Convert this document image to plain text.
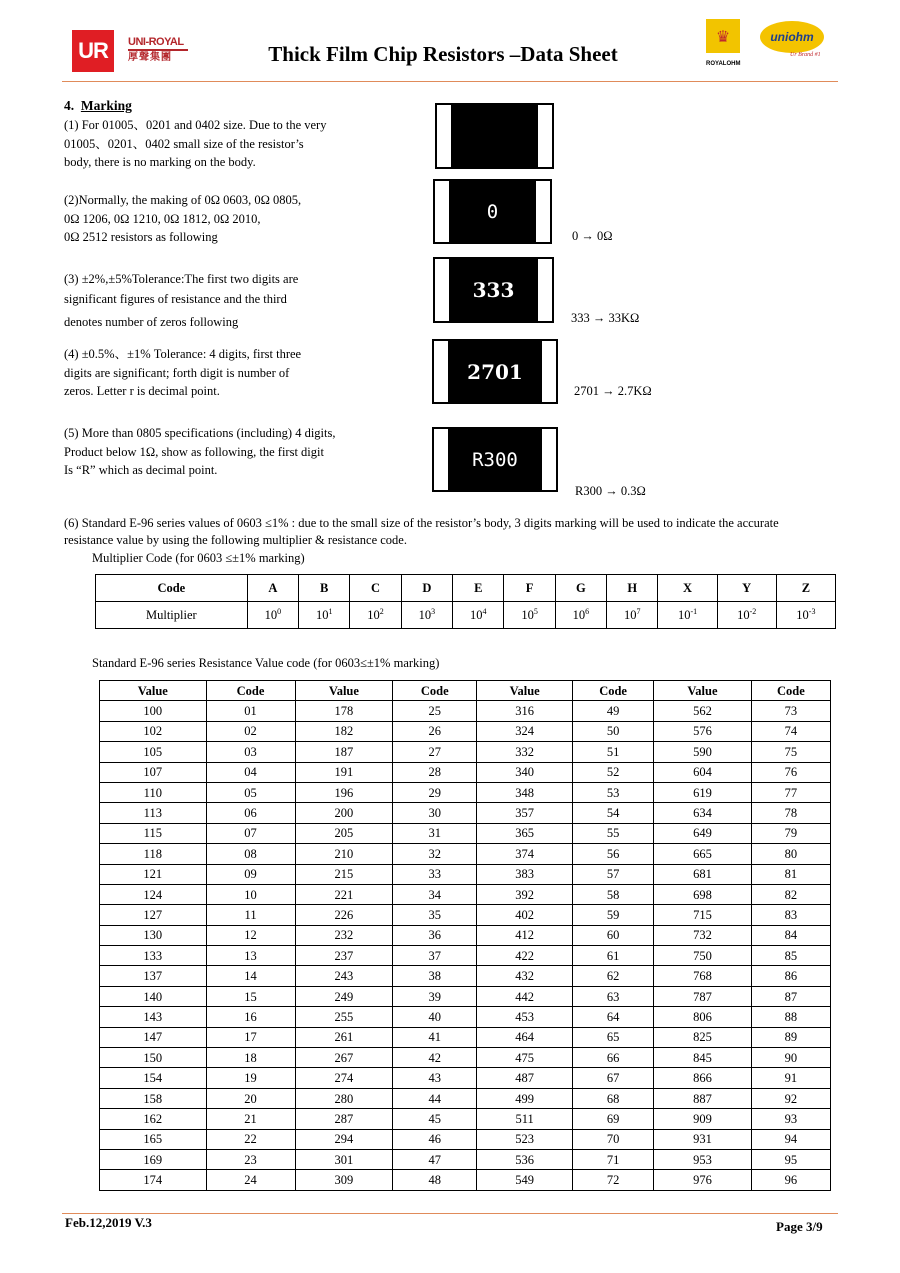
UR	UNI-ROYAL
厚聲集團	Thick Film Chip Resistors –Data Sheet
♛
ROYALOHM
uniohm
Ur Brand #1
4. Marking
(1) For 01005、0201 and 0402 size. Due to the very
01005、0201、0402 small size of the resistor’s
body, there is no marking on the body.
(2)Normally, the making of 0Ω 0603, 0Ω 0805,
0Ω 1206, 0Ω 1210, 0Ω 1812, 0Ω 2010,
0Ω 2512 resistors as following
0
0 → 0Ω
(3) ±2%,±5%Tolerance:The first two digits are
significant figures of resistance and the third
denotes number of zeros following
333
333 → 33KΩ
(4) ±0.5%、±1% Tolerance: 4 digits, first three
digits are significant; forth digit is number of
zeros. Letter r is decimal point.
2701
2701 → 2.7KΩ
(5) More than 0805 specifications (including) 4 digits,
Product below 1Ω, show as following, the first digit
Is “R” which as decimal point.	R300
R300 → 0.3Ω
(6) Standard E-96 series values of 0603 ≤1% : due to the small size of the resistor’s body, 3 digits marking will be used to indicate the accurate
resistance value by using the following multiplier & resistance code.
Multiplier Code (for 0603 ≤±1% marking)
Code	A	B	C	D	E	F	G	H	X	Y	Z
Multiplier	$10^0$	$10^1$	$10^2$	$10^3$	$10^4$	$10^5$	$10^6$	$10^7$	$10^{-1}$	$10^{-2}$	$10^{-3}$
Standard E-96 series Resistance Value code (for 0603≤±1% marking)
Value	Code	Value	Code	Value	Code	Value	Code
100	01	178	25	316	49	562	73
102	02	182	26	324	50	576	74
105	03	187	27	332	51	590	75
107	04	191	28	340	52	604	76
110	05	196	29	348	53	619	77
113	06	200	30	357	54	634	78
115	07	205	31	365	55	649	79
118	08	210	32	374	56	665	80
121	09	215	33	383	57	681	81
124	10	221	34	392	58	698	82
127	11	226	35	402	59	715	83
130	12	232	36	412	60	732	84
133	13	237	37	422	61	750	85
137	14	243	38	432	62	768	86
140	15	249	39	442	63	787	87
143	16	255	40	453	64	806	88
147	17	261	41	464	65	825	89
150	18	267	42	475	66	845	90
154	19	274	43	487	67	866	91
158	20	280	44	499	68	887	92
162	21	287	45	511	69	909	93
165	22	294	46	523	70	931	94
169	23	301	47	536	71	953	95
174	24	309	48	549	72	976	96
Feb.12,2019 V.3	Page 3/9
